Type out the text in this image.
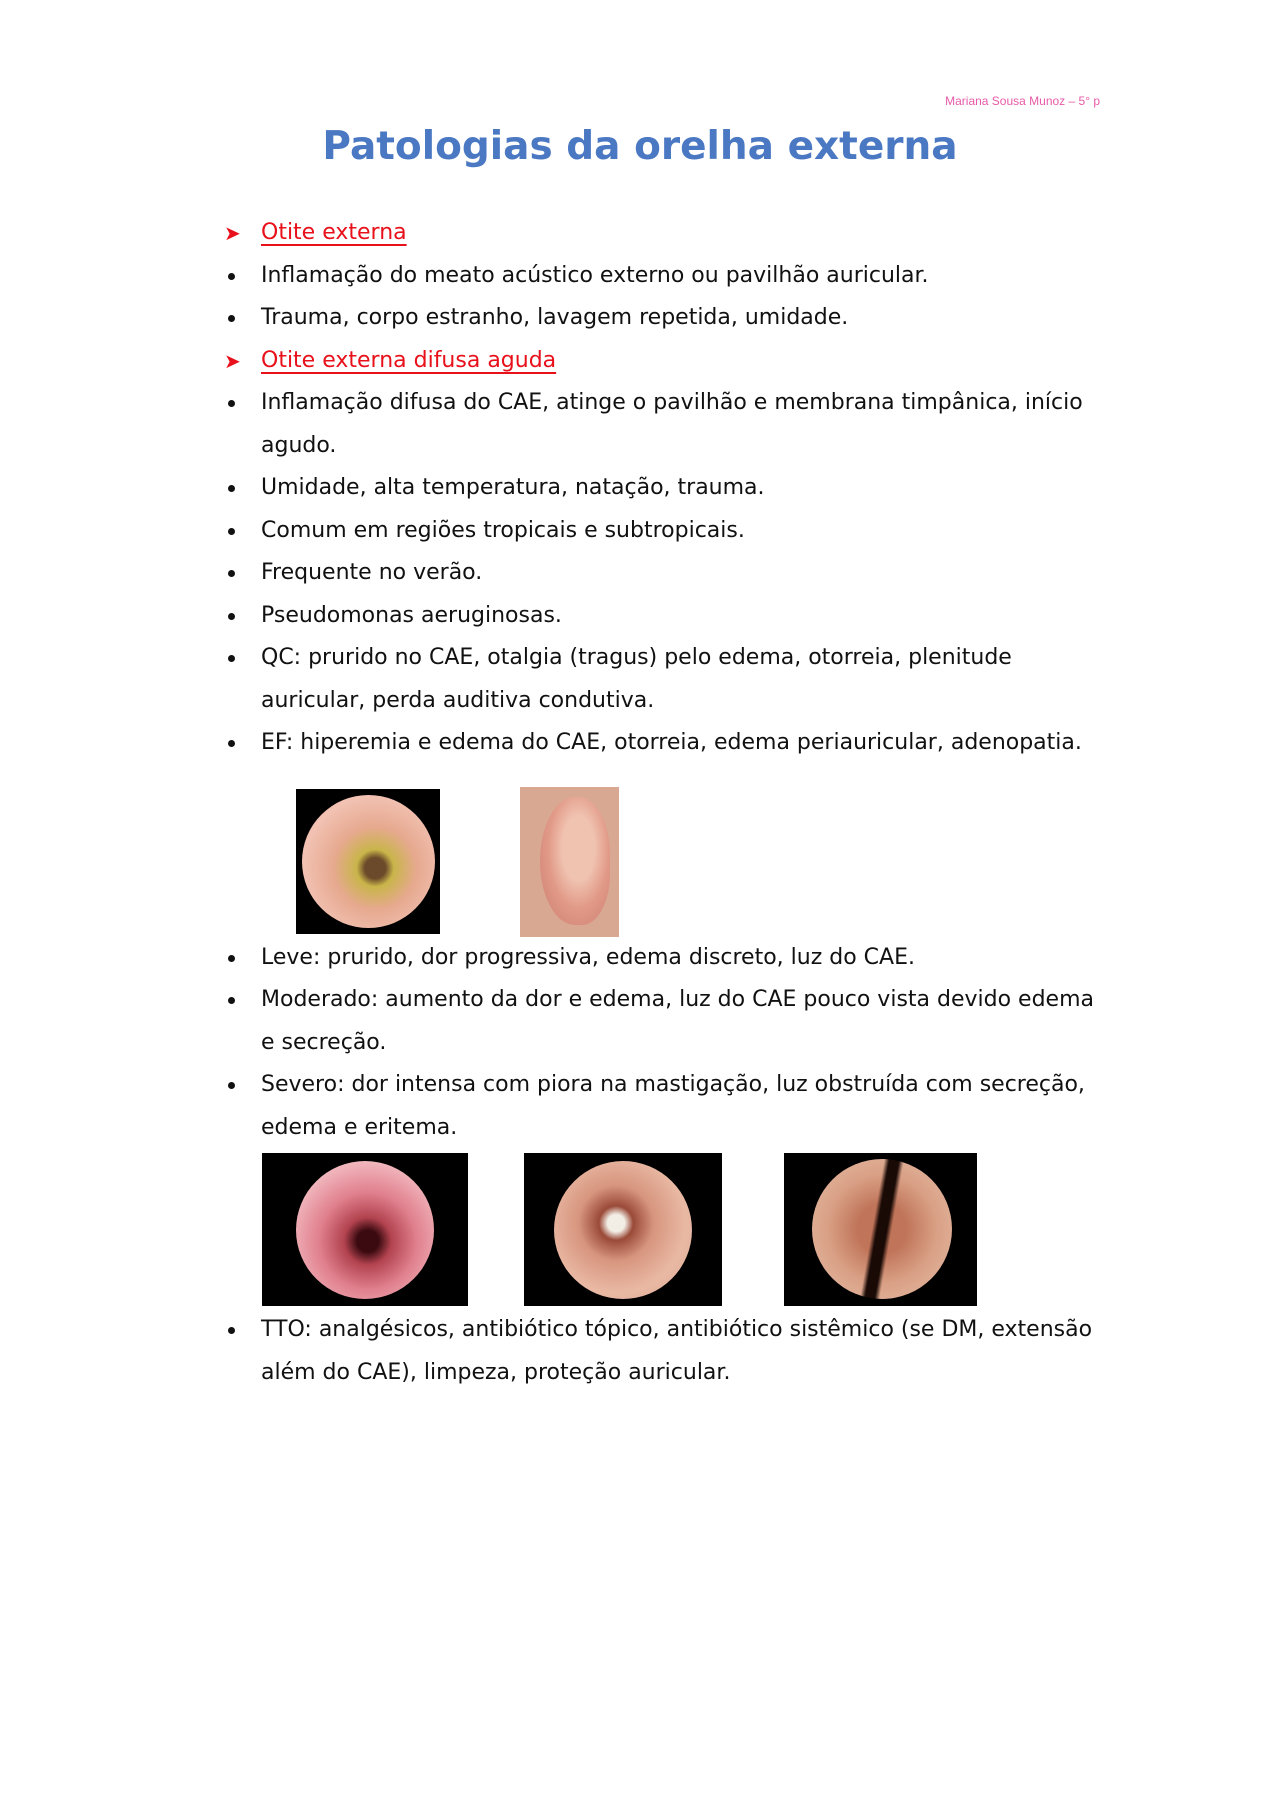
Mariana Sousa Munoz – 5° p
Patologias da orelha externa
➤ Otite externa
Inflamação do meato acústico externo ou pavilhão auricular.
Trauma, corpo estranho, lavagem repetida, umidade.
➤ Otite externa difusa aguda
Inflamação difusa do CAE, atinge o pavilhão e membrana timpânica, início agudo.
Umidade, alta temperatura, natação, trauma.
Comum em regiões tropicais e subtropicais.
Frequente no verão.
Pseudomonas aeruginosas.
QC: prurido no CAE, otalgia (tragus) pelo edema, otorreia, plenitude auricular, perda auditiva condutiva.
EF: hiperemia e edema do CAE, otorreia, edema periauricular, adenopatia.
Leve: prurido, dor progressiva, edema discreto, luz do CAE.
Moderado: aumento da dor e edema, luz do CAE pouco vista devido edema e secreção.
Severo: dor intensa com piora na mastigação, luz obstruída com secreção, edema e eritema.
TTO: analgésicos, antibiótico tópico, antibiótico sistêmico (se DM, extensão além do CAE), limpeza, proteção auricular.
